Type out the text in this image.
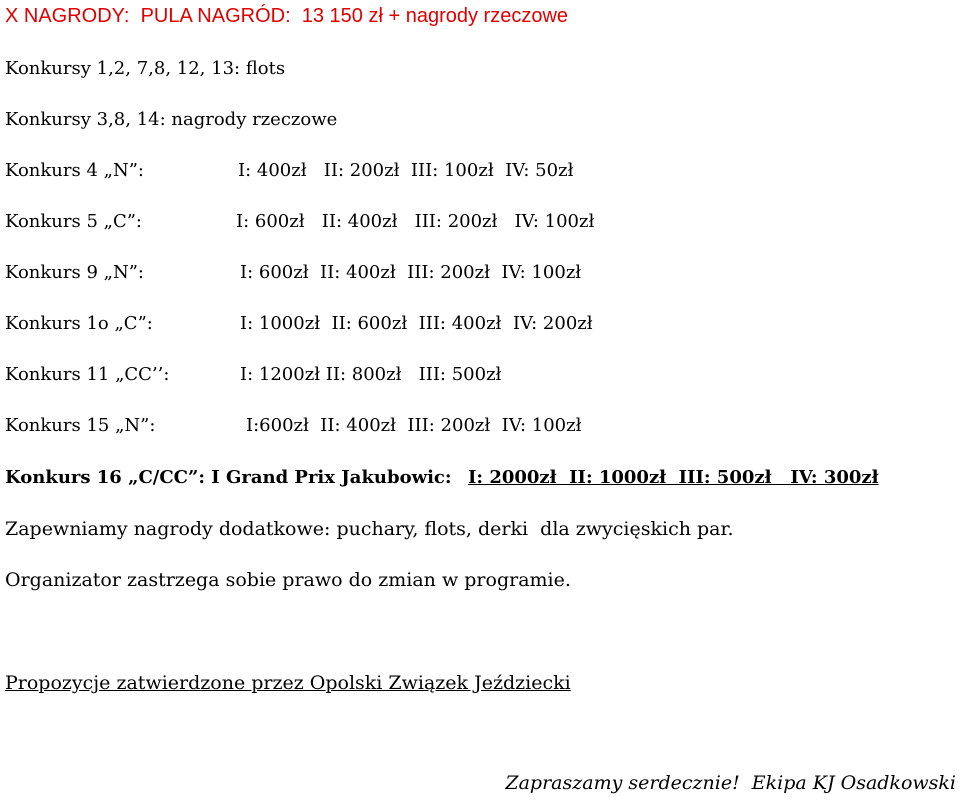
X NAGRODY:  PULA NAGRÓD:  13 150 zł + nagrody rzeczowe
Konkursy 1,2, 7,8, 12, 13: flots
Konkursy 3,8, 14: nagrody rzeczowe
Konkurs 4 „N”:	I: 400zł   II: 200zł  III: 100zł  IV: 50zł
Konkurs 5 „C”:	I: 600zł   II: 400zł   III: 200zł   IV: 100zł
Konkurs 9 „N”:	I: 600zł  II: 400zł  III: 200zł  IV: 100zł
Konkurs 1o „C”:	I: 1000zł  II: 600zł  III: 400zł  IV: 200zł
Konkurs 11 „CC’’:	I: 1200zł II: 800zł   III: 500zł
Konkurs 15 „N”:	I:600zł  II: 400zł  III: 200zł  IV: 100zł
Konkurs 16 „C/CC”: I Grand Prix Jakubowic: I: 2000zł  II: 1000zł  III: 500zł   IV: 300zł
Zapewniamy nagrody dodatkowe: puchary, flots, derki  dla zwycięskich par.
Organizator zastrzega sobie prawo do zmian w programie.
Propozycje zatwierdzone przez Opolski Związek Jeździecki
Zapraszamy serdecznie!  Ekipa KJ Osadkowski
